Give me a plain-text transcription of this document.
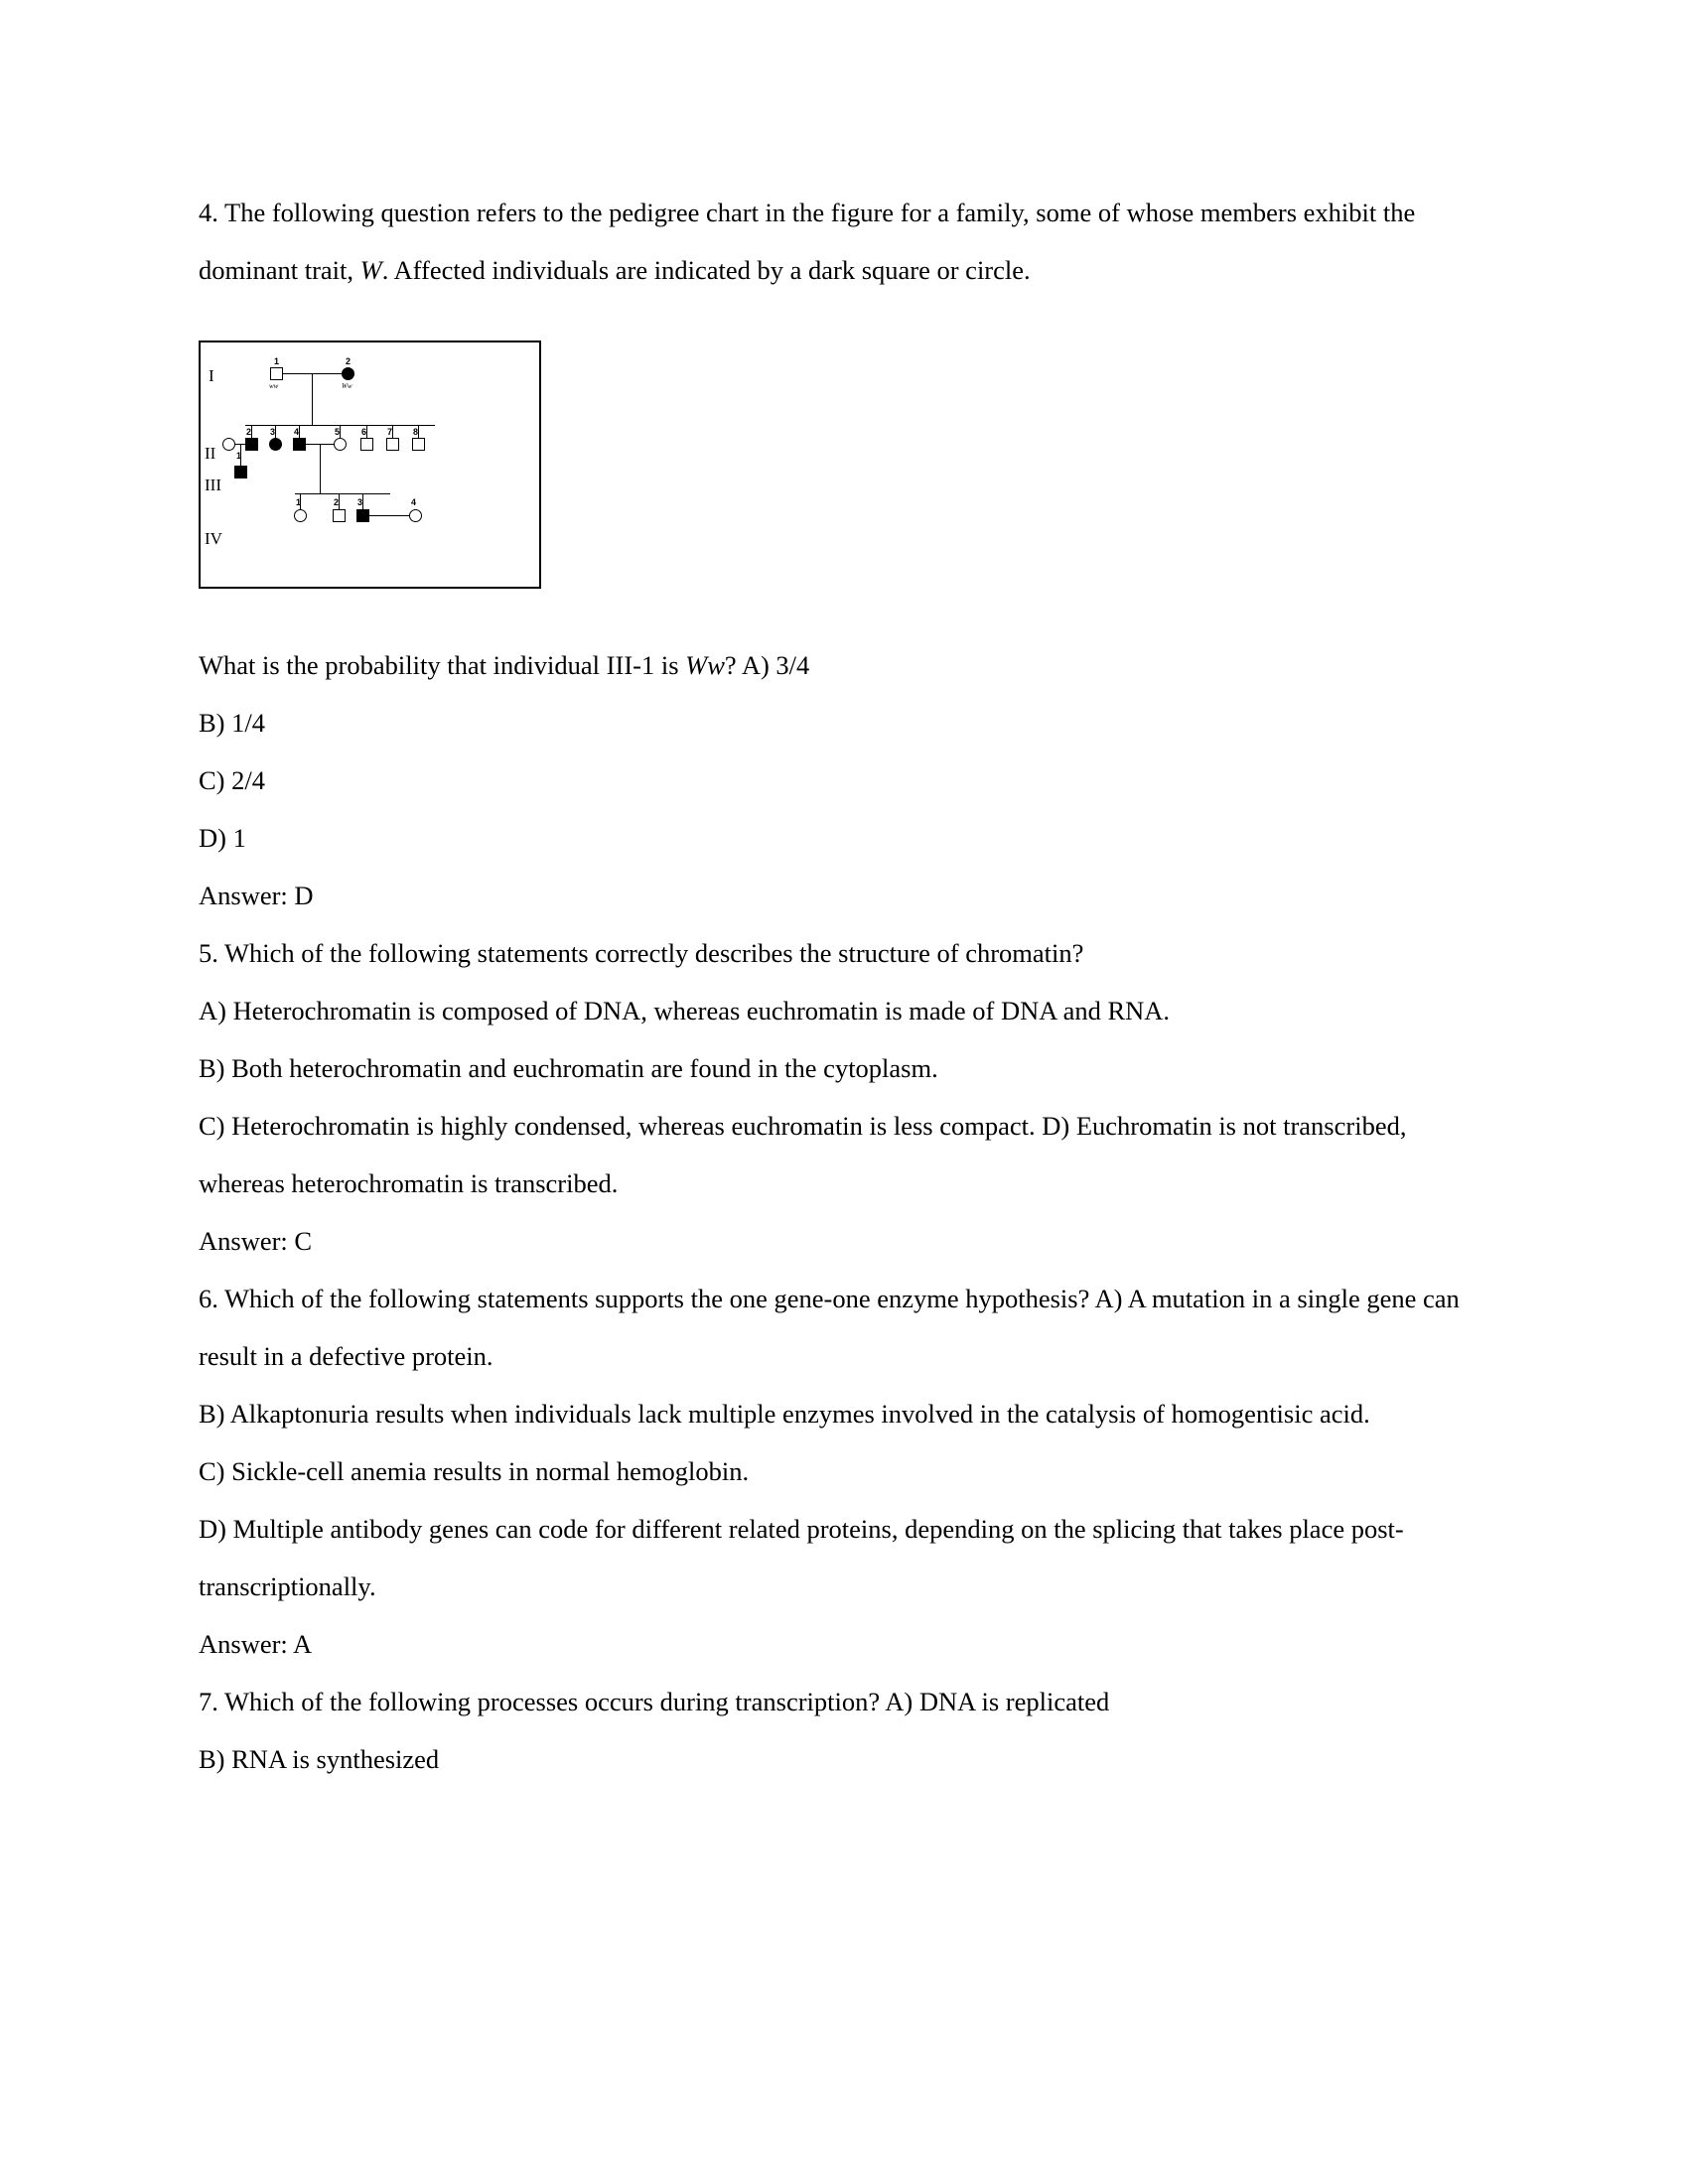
4. The following question refers to the pedigree chart in the figure for a family, some of whose members exhibit the dominant trait, W. Affected individuals are indicated by a dark square or circle.

I
II
III
IV
1	2
ww	Ww
2 3 4	5 6 7 8
1
1	2 3	4

What is the probability that individual III-1 is Ww? A) 3/4

B) 1/4

C) 2/4

D) 1

Answer: D

5. Which of the following statements correctly describes the structure of chromatin?

A) Heterochromatin is composed of DNA, whereas euchromatin is made of DNA and RNA.

B) Both heterochromatin and euchromatin are found in the cytoplasm.

C) Heterochromatin is highly condensed, whereas euchromatin is less compact. D) Euchromatin is not transcribed, whereas heterochromatin is transcribed.

Answer: C

6. Which of the following statements supports the one gene-one enzyme hypothesis? A) A mutation in a single gene can result in a defective protein.

B) Alkaptonuria results when individuals lack multiple enzymes involved in the catalysis of homogentisic acid.

C) Sickle-cell anemia results in normal hemoglobin.

D) Multiple antibody genes can code for different related proteins, depending on the splicing that takes place post-transcriptionally.

Answer: A

7. Which of the following processes occurs during transcription? A) DNA is replicated

B) RNA is synthesized
